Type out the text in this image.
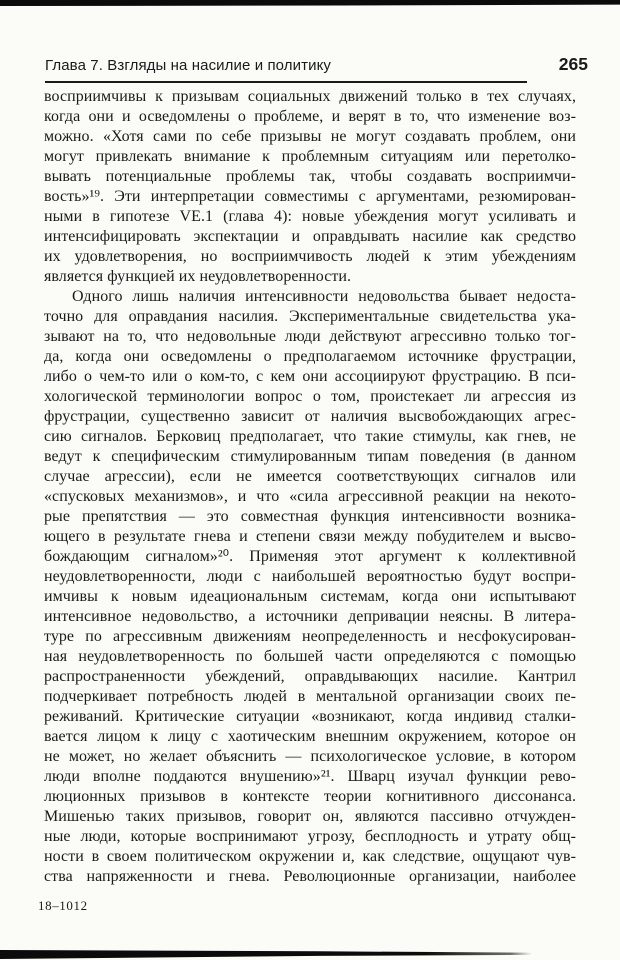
Глава 7. Взгляды на насилие и политику	265
восприимчивы к призывам социальных движений только в тех случаях,
когда они и осведомлены о проблеме, и верят в то, что изменение воз-
можно. «Хотя сами по себе призывы не могут создавать проблем, они
могут привлекать внимание к проблемным ситуациям или перетолко-
вывать потенциальные проблемы так, чтобы создавать восприимчи-
вость»¹⁹. Эти интерпретации совместимы с аргументами, резюмирован-
ными в гипотезе VE.1 (глава 4): новые убеждения могут усиливать и
интенсифицировать экспектации и оправдывать насилие как средство
их удовлетворения, но восприимчивость людей к этим убеждениям
является функцией их неудовлетворенности.
Одного лишь наличия интенсивности недовольства бывает недоста-
точно для оправдания насилия. Экспериментальные свидетельства ука-
зывают на то, что недовольные люди действуют агрессивно только тог-
да, когда они осведомлены о предполагаемом источнике фрустрации,
либо о чем-то или о ком-то, с кем они ассоциируют фрустрацию. В пси-
хологической терминологии вопрос о том, проистекает ли агрессия из
фрустрации, существенно зависит от наличия высвобождающих агрес-
сию сигналов. Берковиц предполагает, что такие стимулы, как гнев, не
ведут к специфическим стимулированным типам поведения (в данном
случае агрессии), если не имеется соответствующих сигналов или
«спусковых механизмов», и что «сила агрессивной реакции на некото-
рые препятствия — это совместная функция интенсивности возника-
ющего в результате гнева и степени связи между побудителем и высво-
бождающим сигналом»²⁰. Применяя этот аргумент к коллективной
неудовлетворенности, люди с наибольшей вероятностью будут воспри-
имчивы к новым идеациональным системам, когда они испытывают
интенсивное недовольство, а источники депривации неясны. В литера-
туре по агрессивным движениям неопределенность и несфокусирован-
ная неудовлетворенность по большей части определяются с помощью
распространенности убеждений, оправдывающих насилие. Кантрил
подчеркивает потребность людей в ментальной организации своих пе-
реживаний. Критические ситуации «возникают, когда индивид сталки-
вается лицом к лицу с хаотическим внешним окружением, которое он
не может, но желает объяснить — психологическое условие, в котором
люди вполне поддаются внушению»²¹. Шварц изучал функции рево-
люционных призывов в контексте теории когнитивного диссонанса.
Мишенью таких призывов, говорит он, являются пассивно отчужден-
ные люди, которые воспринимают угрозу, бесплодность и утрату общ-
ности в своем политическом окружении и, как следствие, ощущают чув-
ства напряженности и гнева. Революционные организации, наиболее
18–1012
